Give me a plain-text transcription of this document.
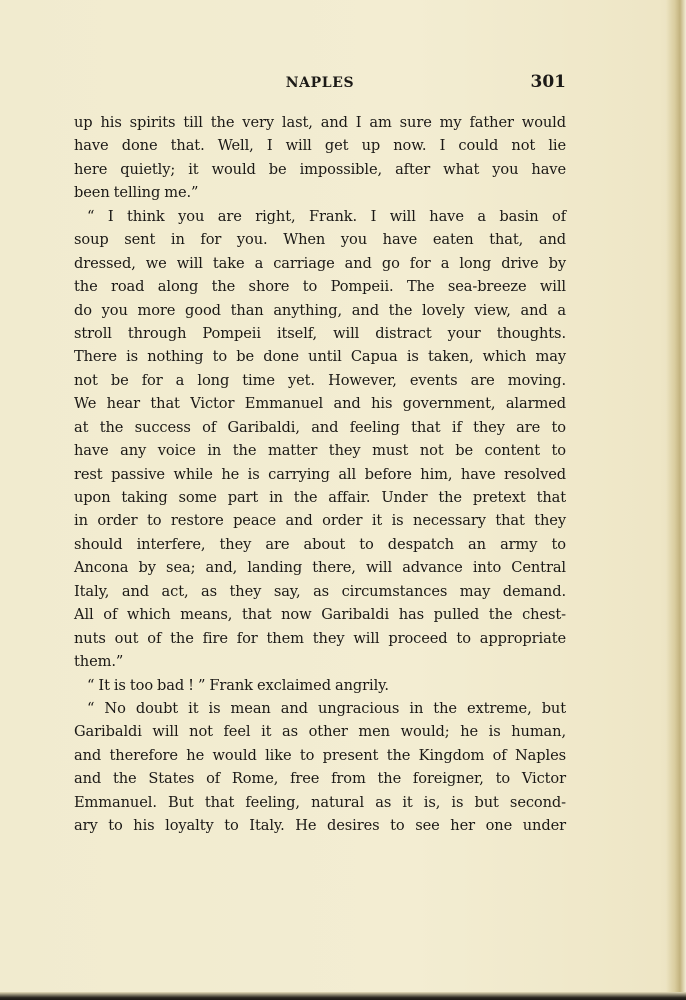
NAPLES	301
up his spirits till the very last, and I am sure my father would
have done that. Well, I will get up now. I could not lie
here quietly; it would be impossible, after what you have
been telling me.”
“ I think you are right, Frank. I will have a basin of
soup sent in for you. When you have eaten that, and
dressed, we will take a carriage and go for a long drive by
the road along the shore to Pompeii. The sea-breeze will
do you more good than anything, and the lovely view, and a
stroll through Pompeii itself, will distract your thoughts.
There is nothing to be done until Capua is taken, which may
not be for a long time yet. However, events are moving.
We hear that Victor Emmanuel and his government, alarmed
at the success of Garibaldi, and feeling that if they are to
have any voice in the matter they must not be content to
rest passive while he is carrying all before him, have resolved
upon taking some part in the affair. Under the pretext that
in order to restore peace and order it is necessary that they
should interfere, they are about to despatch an army to
Ancona by sea; and, landing there, will advance into Central
Italy, and act, as they say, as circumstances may demand.
All of which means, that now Garibaldi has pulled the chest-
nuts out of the fire for them they will proceed to appropriate
them.”
“ It is too bad ! ” Frank exclaimed angrily.
“ No doubt it is mean and ungracious in the extreme, but
Garibaldi will not feel it as other men would; he is human,
and therefore he would like to present the Kingdom of Naples
and the States of Rome, free from the foreigner, to Victor
Emmanuel. But that feeling, natural as it is, is but second-
ary to his loyalty to Italy. He desires to see her one under
